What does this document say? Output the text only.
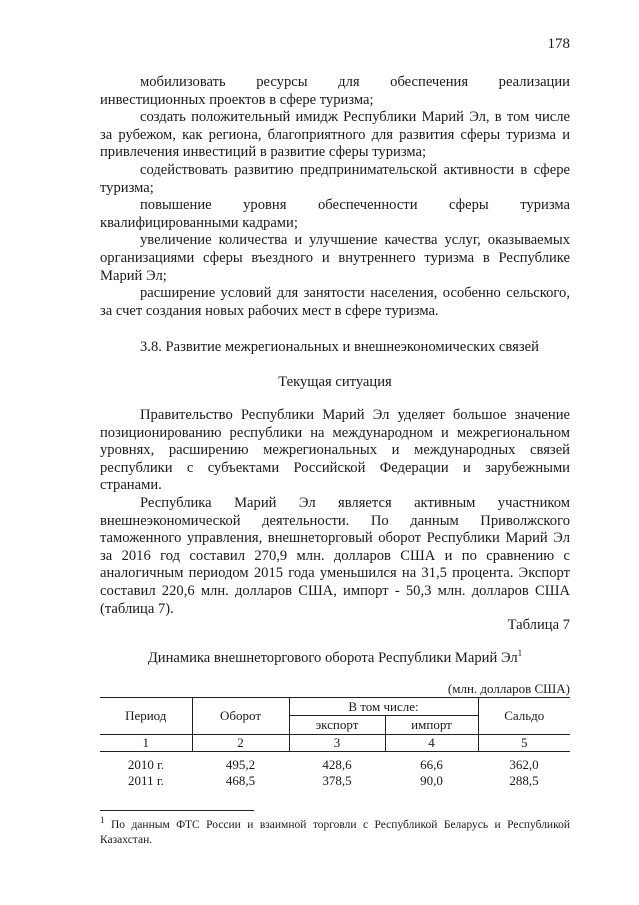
178
мобилизовать ресурсы для обеспечения реализации инвестиционных проектов в сфере туризма;
создать положительный имидж Республики Марий Эл, в том числе за рубежом, как региона, благоприятного для развития сферы туризма и привлечения инвестиций в развитие сферы туризма;
содействовать развитию предпринимательской активности в сфере туризма;
повышение уровня обеспеченности сферы туризма квалифицированными кадрами;
увеличение количества и улучшение качества услуг, оказываемых организациями сферы въездного и внутреннего туризма в Республике Марий Эл;
расширение условий для занятости населения, особенно сельского, за счет создания новых рабочих мест в сфере туризма.
3.8. Развитие межрегиональных и внешнеэкономических связей
Текущая ситуация
Правительство Республики Марий Эл уделяет большое значение позиционированию республики на международном и межрегиональном уровнях, расширению межрегиональных и международных связей республики с субъектами Российской Федерации и зарубежными странами.
Республика Марий Эл является активным участником внешнеэкономической деятельности. По данным Приволжского таможенного управления, внешнеторговый оборот Республики Марий Эл за 2016 год составил 270,9 млн. долларов США и по сравнению с аналогичным периодом 2015 года уменьшился на 31,5 процента. Экспорт составил 220,6 млн. долларов США, импорт - 50,3 млн. долларов США (таблица 7).
Таблица 7
Динамика внешнеторгового оборота Республики Марий $Эл^1$
(млн. долларов США)
Период	Оборот	В том числе:		Сальдо
		экспорт	импорт	
1	2	3	4	5

2010 г.	495,2	428,6	66,6	362,0
2011 г.	468,5	378,5	90,0	288,5
$^1$ По данным ФТС России и взаимной торговли с Республикой Беларусь и Республикой Казахстан.
